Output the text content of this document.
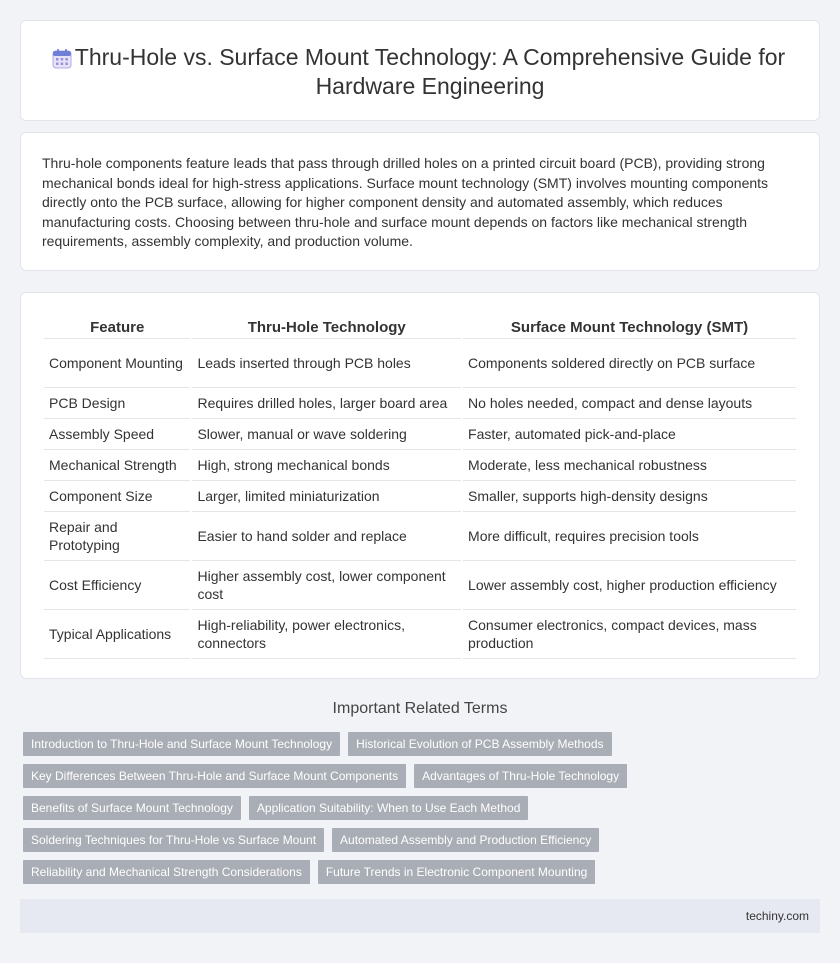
Thru-Hole vs. Surface Mount Technology: A Comprehensive Guide for Hardware Engineering

Thru-hole components feature leads that pass through drilled holes on a printed circuit board (PCB), providing strong mechanical bonds ideal for high-stress applications. Surface mount technology (SMT) involves mounting components directly onto the PCB surface, allowing for higher component density and automated assembly, which reduces manufacturing costs. Choosing between thru-hole and surface mount depends on factors like mechanical strength requirements, assembly complexity, and production volume.

Feature	Thru-Hole Technology	Surface Mount Technology (SMT)
Component Mounting	Leads inserted through PCB holes	Components soldered directly on PCB surface
PCB Design	Requires drilled holes, larger board area	No holes needed, compact and dense layouts
Assembly Speed	Slower, manual or wave soldering	Faster, automated pick-and-place
Mechanical Strength	High, strong mechanical bonds	Moderate, less mechanical robustness
Component Size	Larger, limited miniaturization	Smaller, supports high-density designs
Repair and Prototyping	Easier to hand solder and replace	More difficult, requires precision tools
Cost Efficiency	Higher assembly cost, lower component cost	Lower assembly cost, higher production efficiency
Typical Applications	High-reliability, power electronics, connectors	Consumer electronics, compact devices, mass production
Important Related Terms
Introduction to Thru-Hole and Surface Mount Technology	Historical Evolution of PCB Assembly Methods
Key Differences Between Thru-Hole and Surface Mount Components	Advantages of Thru-Hole Technology
Benefits of Surface Mount Technology	Application Suitability: When to Use Each Method
Soldering Techniques for Thru-Hole vs Surface Mount	Automated Assembly and Production Efficiency
Reliability and Mechanical Strength Considerations	Future Trends in Electronic Component Mounting
techiny.com
